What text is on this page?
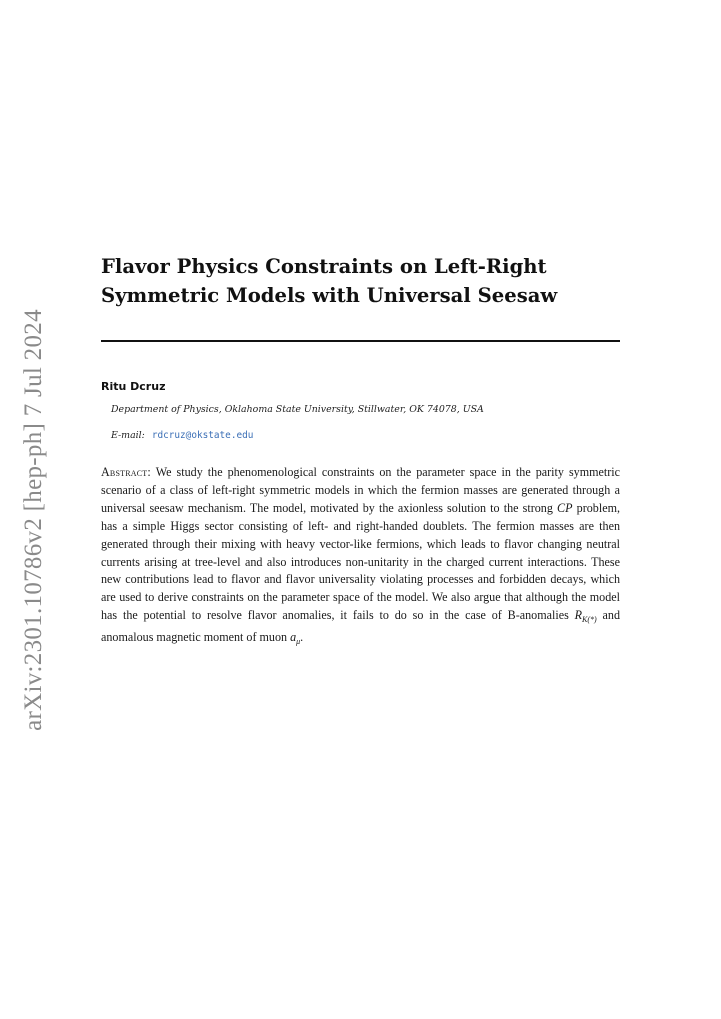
arXiv:2301.10786v2 [hep-ph] 7 Jul 2024
Flavor Physics Constraints on Left-Right Symmetric Models with Universal Seesaw
Ritu Dcruz
Department of Physics, Oklahoma State University, Stillwater, OK 74078, USA
E-mail: rdcruz@okstate.edu

Abstract: We study the phenomenological constraints on the parameter space in the parity symmetric scenario of a class of left-right symmetric models in which the fermion masses are generated through a universal seesaw mechanism. The model, motivated by the axionless solution to the strong CP problem, has a simple Higgs sector consisting of left- and right-handed doublets. The fermion masses are then generated through their mixing with heavy vector-like fermions, which leads to flavor changing neutral currents arising at tree-level and also introduces non-unitarity in the charged current interactions. These new contributions lead to flavor and flavor universality violating processes and forbidden decays, which are used to derive constraints on the parameter space of the model. We also argue that although the model has the potential to resolve flavor anomalies, it fails to do so in the case of B-anomalies $R_{K(*)}$ and anomalous magnetic moment of muon $a_\mu$.
